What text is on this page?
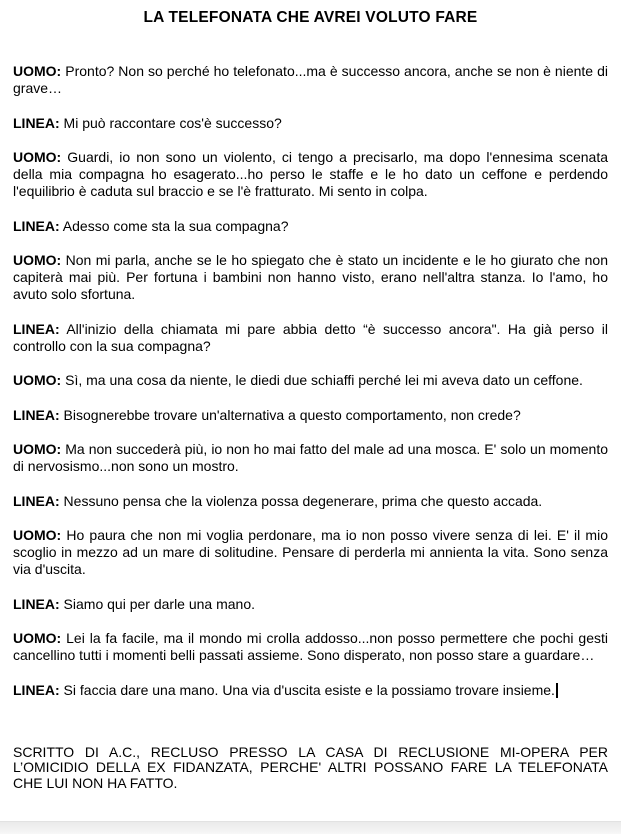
LA TELEFONATA CHE AVREI VOLUTO FARE

UOMO: Pronto? Non so perché ho telefonato...ma è successo ancora, anche se non è niente di grave…

LINEA: Mi può raccontare cos'è successo?

UOMO: Guardi, io non sono un violento, ci tengo a precisarlo, ma dopo l'ennesima scenata della mia compagna ho esagerato...ho perso le staffe e le ho dato un ceffone e perdendo l'equilibrio è caduta sul braccio e se l'è fratturato. Mi sento in colpa.

LINEA: Adesso come sta la sua compagna?

UOMO: Non mi parla, anche se le ho spiegato che è stato un incidente e le ho giurato che non capiterà mai più. Per fortuna i bambini non hanno visto, erano nell'altra stanza. Io l'amo, ho avuto solo sfortuna.

LINEA: All'inizio della chiamata mi pare abbia detto “è successo ancora". Ha già perso il controllo con la sua compagna?

UOMO: Sì, ma una cosa da niente, le diedi due schiaffi perché lei mi aveva dato un ceffone.

LINEA: Bisognerebbe trovare un'alternativa a questo comportamento, non crede?

UOMO: Ma non succederà più, io non ho mai fatto del male ad una mosca. E' solo un momento di nervosismo...non sono un mostro.

LINEA: Nessuno pensa che la violenza possa degenerare, prima che questo accada.

UOMO: Ho paura che non mi voglia perdonare, ma io non posso vivere senza di lei. E' il mio scoglio in mezzo ad un mare di solitudine. Pensare di perderla mi annienta la vita. Sono senza via d'uscita.

LINEA: Siamo qui per darle una mano.

UOMO: Lei la fa facile, ma il mondo mi crolla addosso...non posso permettere che pochi gesti cancellino tutti i momenti belli passati assieme. Sono disperato, non posso stare a guardare…

LINEA: Si faccia dare una mano. Una via d'uscita esiste e la possiamo trovare insieme.

SCRITTO DI A.C., RECLUSO PRESSO LA CASA DI RECLUSIONE MI-OPERA PER L’OMICIDIO DELLA EX FIDANZATA, PERCHE' ALTRI POSSANO FARE LA TELEFONATA CHE LUI NON HA FATTO.
